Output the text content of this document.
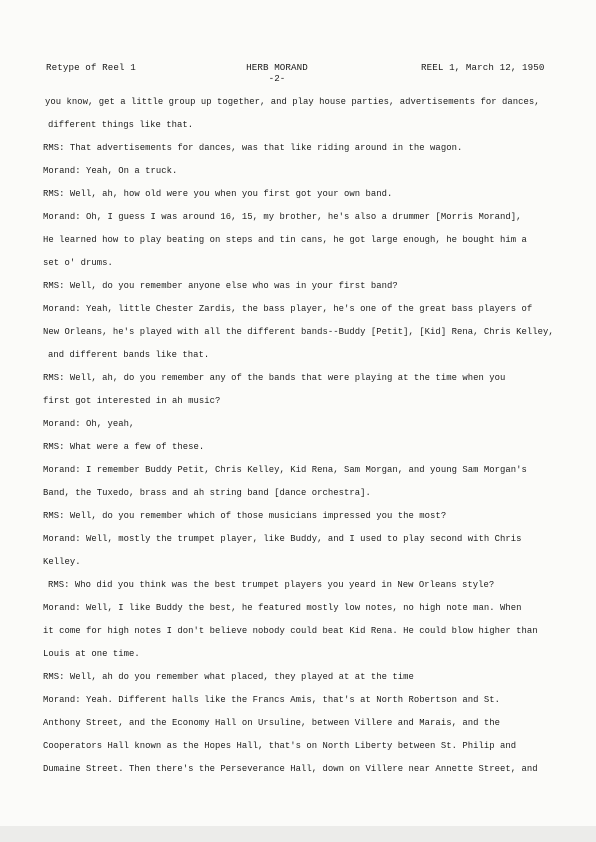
Retype of Reel 1	HERB MORAND
-2-
REEL 1, March 12, 1950
you know, get a little group up together, and play house parties, advertisements for dances,
different things like that.
RMS: That advertisements for dances, was that like riding around in the wagon.
Morand: Yeah, On a truck.
RMS: Well, ah, how old were you when you first got your own band.
Morand: Oh, I guess I was around 16, 15, my brother, he's also a drummer [Morris Morand],
He learned how to play beating on steps and tin cans, he got large enough, he bought him a
set o' drums.
RMS: Well, do you remember anyone else who was in your first band?
Morand: Yeah, little Chester Zardis, the bass player, he's one of the great bass players of
New Orleans, he's played with all the different bands--Buddy [Petit], [Kid] Rena, Chris Kelley,
and different bands like that.
RMS: Well, ah, do you remember any of the bands that were playing at the time when you
first got interested in ah music?
Morand: Oh, yeah,
RMS: What were a few of these.
Morand: I remember Buddy Petit, Chris Kelley, Kid Rena, Sam Morgan, and young Sam Morgan's
Band, the Tuxedo, brass and ah string band [dance orchestra].
RMS: Well, do you remember which of those musicians impressed you the most?
Morand: Well, mostly the trumpet player, like Buddy, and I used to play second with Chris
Kelley.
RMS: Who did you think was the best trumpet players you yeard in New Orleans style?
Morand: Well, I like Buddy the best, he featured mostly low notes, no high note man. When
it come for high notes I don't believe nobody could beat Kid Rena. He could blow higher than
Louis at one time.
RMS: Well, ah do you remember what placed, they played at at the time
Morand: Yeah. Different halls like the Francs Amis, that's at North Robertson and St.
Anthony Street, and the Economy Hall on Ursuline, between Villere and Marais, and the
Cooperators Hall known as the Hopes Hall, that's on North Liberty between St. Philip and
Dumaine Street. Then there's the Perseverance Hall, down on Villere near Annette Street, and
